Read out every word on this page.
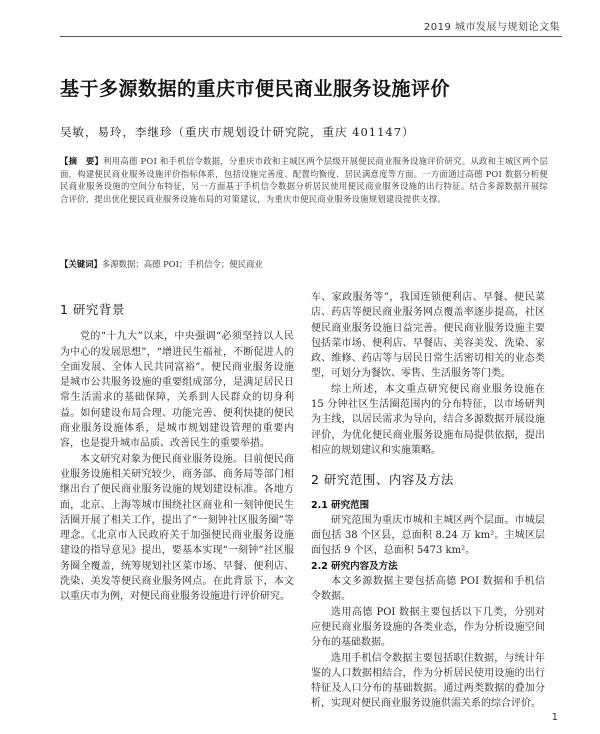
2019 城市发展与规划论文集
基于多源数据的重庆市便民商业服务设施评价
吴敏，易玲，李继珍（重庆市规划设计研究院，重庆 401147）
【摘　要】利用高德 POI 和手机信令数据，分重庆市政和主城区两个层级开展便民商业服务设施评价研究。从政和主城区两个层面，构建便民商业服务设施评价指标体系，包括设施完善度、配置均衡度、居民满意度等方面。一方面通过高德 POI 数据分析便民商业服务设施的空间分布特征，另一方面基于手机信令数据分析居民使用便民商业服务设施的出行特征。结合多源数据开展综合评价，提出优化便民商业服务设施布局的对策建议，为重庆市便民商业服务设施规划建设提供支撑。
【关键词】多源数据；高德 POI；手机信令；便民商业
1 研究背景

党的“十九大”以来，中央强调“必须坚持以人民为中心的发展思想”，“增进民生福祉，不断促进人的全面发展、全体人民共同富裕”。便民商业服务设施是城市公共服务设施的重要组成部分，是满足居民日常生活需求的基础保障，关系到人民群众的切身利益。如何建设布局合理、功能完善、便利快捷的便民商业服务设施体系，是城市规划建设管理的重要内容，也是提升城市品质、改善民生的重要举措。

本文研究对象为便民商业服务设施。目前便民商业服务设施相关研究较少，商务部、商务局等部门相继出台了便民商业服务设施的规划建设标准。各地方面，北京、上海等城市围绕社区商业和一刻钟便民生活圈开展了相关工作，提出了“一刻钟社区服务圈”等理念。《北京市人民政府关于加强便民商业服务设施建设的指导意见》提出，要基本实现“一刻钟”社区服务圈全覆盖，统筹规划社区菜市场、早餐、便利店、洗染、美发等便民商业服务网点。在此背景下，本文以重庆市为例，对便民商业服务设施进行评价研究。

车、家政服务等”，我国连锁便利店、早餐、便民菜店、药店等便民商业服务网点覆盖率逐步提高，社区便民商业服务设施日益完善。便民商业服务设施主要包括菜市场、便利店、早餐店、美容美发、洗染、家政、维修、药店等与居民日常生活密切相关的业态类型，可划分为餐饮、零售、生活服务等门类。

综上所述，本文重点研究便民商业服务设施在 15 分钟社区生活圈范围内的分布特征，以市场研判为主线，以居民需求为导向，结合多源数据开展设施评价，为优化便民商业服务设施布局提供依据，提出相应的规划建议和实施策略。

2 研究范围、内容及方法
2.1 研究范围

研究范围为重庆市城和主城区两个层面。市城层面包括 38 个区县，总面积 8.24 万 km²。主城区层面包括 9 个区，总面积 5473 km²。

2.2 研究内容及方法

本文多源数据主要包括高德 POI 数据和手机信令数据。

选用高德 POI 数据主要包括以下几类，分别对应便民商业服务设施的各类业态，作为分析设施空间分布的基础数据。

选用手机信令数据主要包括职住数据，与统计年鉴的人口数据相结合，作为分析居民使用设施的出行特征及人口分布的基础数据。通过两类数据的叠加分析，实现对便民商业服务设施供需关系的综合评价。

1
